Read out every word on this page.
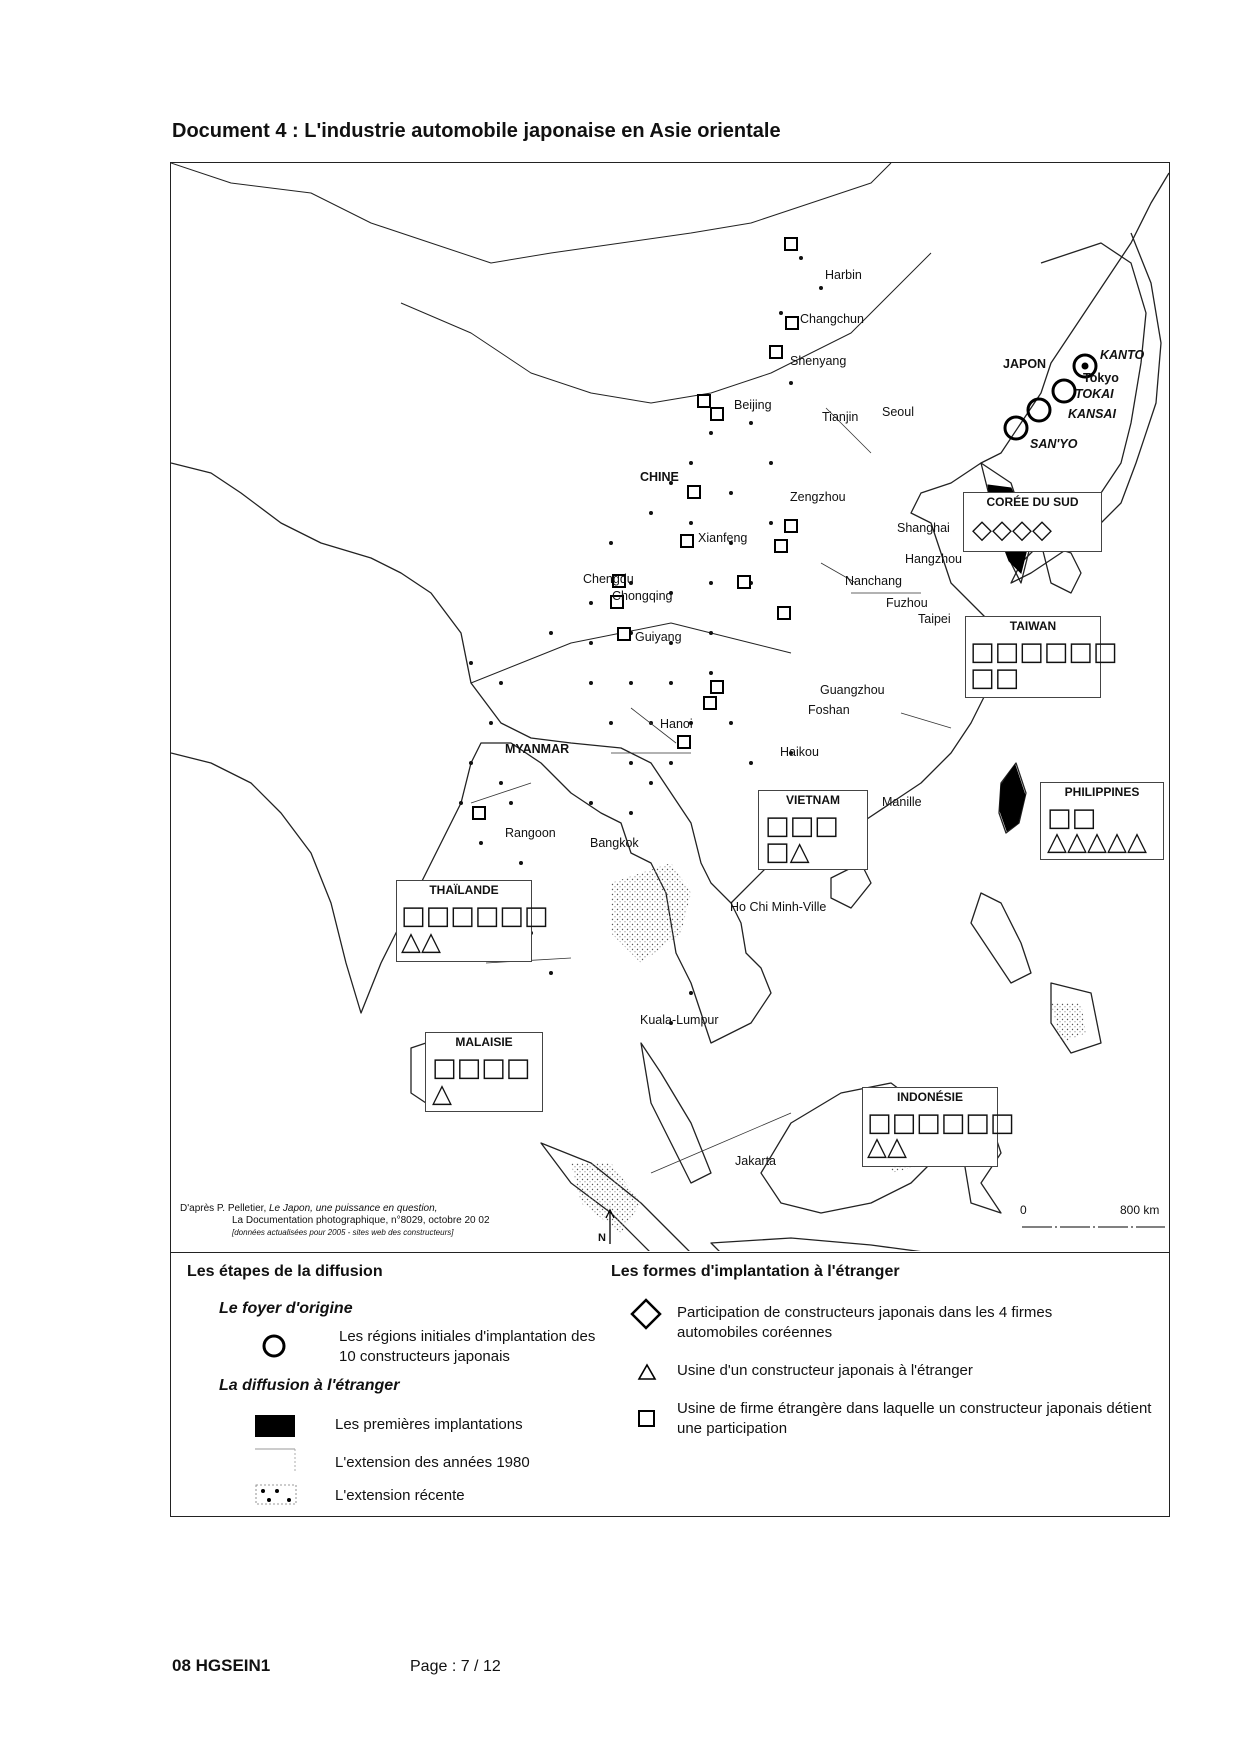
Document 4 : L'industrie automobile japonaise en Asie orientale
Harbin
Changchun
Shenyang
Beijing
Tianjin Seoul
CHINE
Zengzhou
Xianfeng
Shanghai
Hangzhou
Chengdu
Chongqing
Nanchang
Fuzhou
Guiyang
Taipei
Guangzhou
Foshan
Hanoi
Haikou
MYANMAR
Rangoon
Bangkok
Manille
Ho Chi Minh-Ville
Kuala-Lumpur
Jakarta
JAPON
KANTO
Tokyo
TOKAI
KANSAI
SAN'YO
CORÉE DU SUD
◇◇◇◇
TAIWAN
□□□□□□
□□
PHILIPPINES
□□
△△△△△
VIETNAM
□□□
□△
THAÏLANDE
□□□□□□
△△
MALAISIE
□□□□
△	INDONÉSIE
□□□□□□
△△
D'après P. Pelletier, Le Japon, une puissance en question,
La Documentation photographique, n°8029, octobre 20 02
[données actualisées pour 2005 - sites web des constructeurs]	N
0	800 km
Les étapes de la diffusion
Le foyer d'origine
Les régions initiales d'implantation des 10 constructeurs japonais
La diffusion à l'étranger
Les premières implantations
L'extension des années 1980
L'extension récente
Les formes d'implantation à l'étranger
Participation de constructeurs japonais dans les 4 firmes automobiles coréennes
Usine d'un constructeur japonais à l'étranger
Usine de firme étrangère dans laquelle un constructeur japonais détient une participation
08 HGSEIN1	Page : 7 / 12
